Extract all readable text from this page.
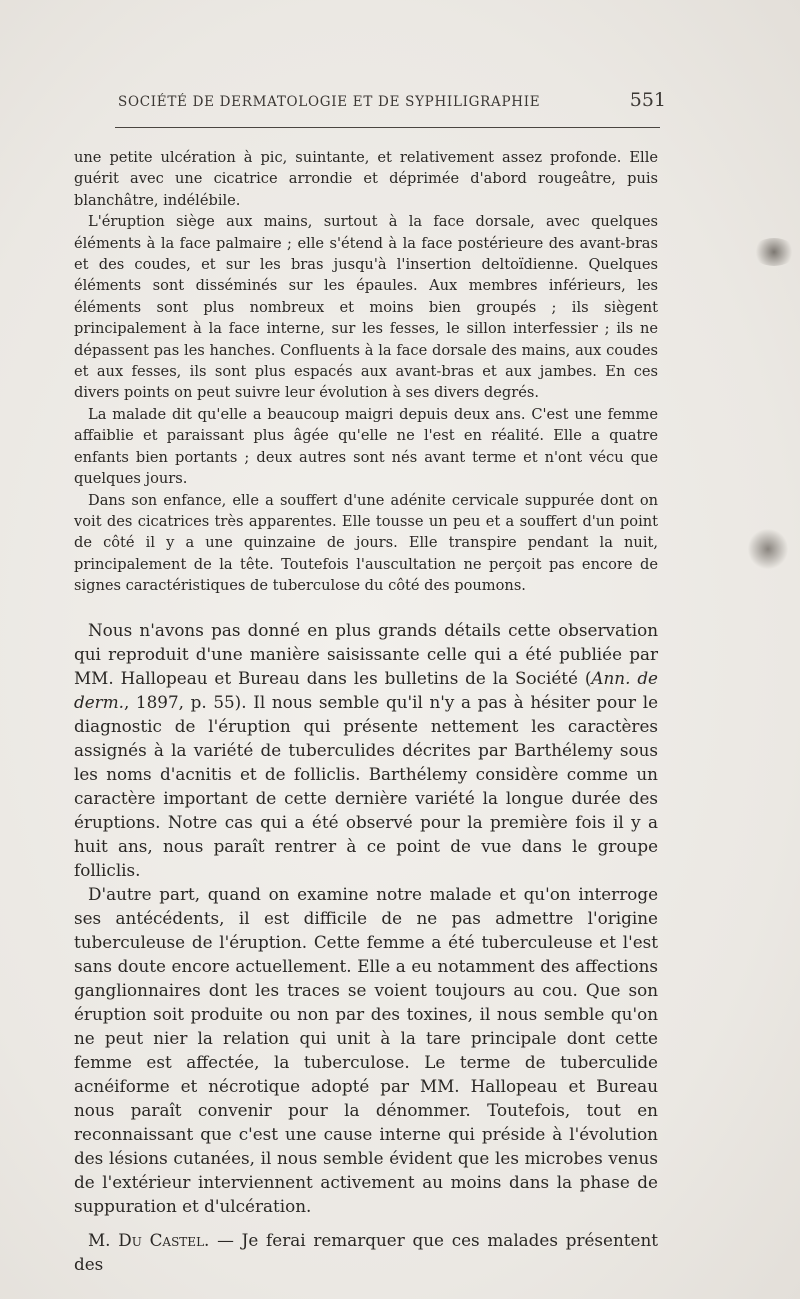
SOCIÉTÉ DE DERMATOLOGIE ET DE SYPHILIGRAPHIE	551

une petite ulcération à pic, suintante, et relativement assez profonde. Elle guérit avec une cicatrice arrondie et déprimée d'abord rougeâtre, puis blanchâtre, indélébile.

L'éruption siège aux mains, surtout à la face dorsale, avec quelques éléments à la face palmaire ; elle s'étend à la face postérieure des avant-bras et des coudes, et sur les bras jusqu'à l'insertion deltoïdienne. Quelques éléments sont disséminés sur les épaules. Aux membres inférieurs, les éléments sont plus nombreux et moins bien groupés ; ils siègent principalement à la face interne, sur les fesses, le sillon interfessier ; ils ne dépassent pas les hanches. Confluents à la face dorsale des mains, aux coudes et aux fesses, ils sont plus espacés aux avant-bras et aux jambes. En ces divers points on peut suivre leur évolution à ses divers degrés.

La malade dit qu'elle a beaucoup maigri depuis deux ans. C'est une femme affaiblie et paraissant plus âgée qu'elle ne l'est en réalité. Elle a quatre enfants bien portants ; deux autres sont nés avant terme et n'ont vécu que quelques jours.

Dans son enfance, elle a souffert d'une adénite cervicale suppurée dont on voit des cicatrices très apparentes. Elle tousse un peu et a souffert d'un point de côté il y a une quinzaine de jours. Elle transpire pendant la nuit, principalement de la tête. Toutefois l'auscultation ne perçoit pas encore de signes caractéristiques de tuberculose du côté des poumons.

Nous n'avons pas donné en plus grands détails cette observation qui reproduit d'une manière saisissante celle qui a été publiée par MM. Hallopeau et Bureau dans les bulletins de la Société (Ann. de derm., 1897, p. 55). Il nous semble qu'il n'y a pas à hésiter pour le diagnostic de l'éruption qui présente nettement les caractères assignés à la variété de tuberculides décrites par Barthélemy sous les noms d'acnitis et de folliclis. Barthélemy considère comme un caractère important de cette dernière variété la longue durée des éruptions. Notre cas qui a été observé pour la première fois il y a huit ans, nous paraît rentrer à ce point de vue dans le groupe folliclis.

D'autre part, quand on examine notre malade et qu'on interroge ses antécédents, il est difficile de ne pas admettre l'origine tuberculeuse de l'éruption. Cette femme a été tuberculeuse et l'est sans doute encore actuellement. Elle a eu notamment des affections ganglionnaires dont les traces se voient toujours au cou. Que son éruption soit produite ou non par des toxines, il nous semble qu'on ne peut nier la relation qui unit à la tare principale dont cette femme est affectée, la tuberculose. Le terme de tuberculide acnéiforme et nécrotique adopté par MM. Hallopeau et Bureau nous paraît convenir pour la dénommer. Toutefois, tout en reconnaissant que c'est une cause interne qui préside à l'évolution des lésions cutanées, il nous semble évident que les microbes venus de l'extérieur interviennent activement au moins dans la phase de suppuration et d'ulcération.

M. Du Castel. — Je ferai remarquer que ces malades présentent des
